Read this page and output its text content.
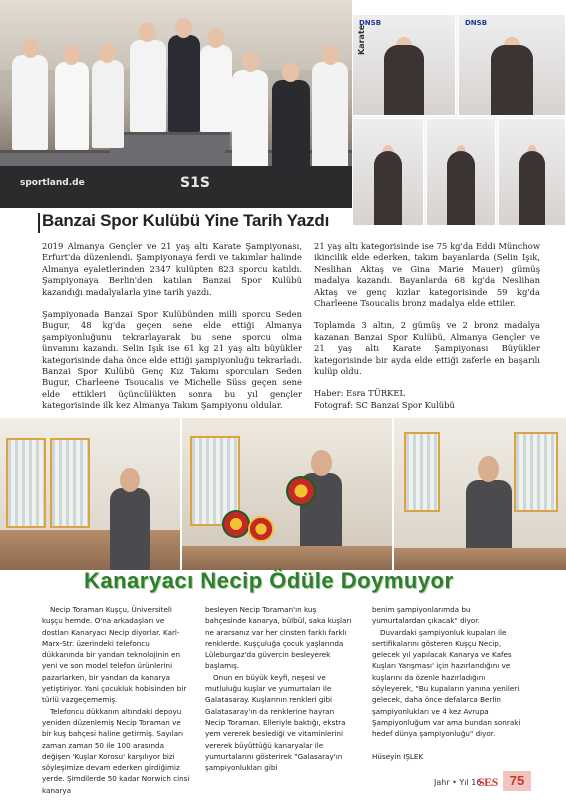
sportland.de	S1S
DNSB
Karate
DNSB
Banzai Spor Kulübü Yine Tarih Yazdı

2019 Almanya Gençler ve 21 yaş altı Karate Şampiyonası, Erfurt'da düzenlendi. Şampiyonaya ferdi ve takımlar halinde Almanya eyaletlerinden 2347 kulüpten 823 sporcu katıldı. Şampiyonaya Berlin'den katılan Banzai Spor Kulübü kazandığı madalyalarla yine tarih yazdı.

Şampiyonada Banzai Spor Kulübünden milli sporcu Seden Bugur, 48 kg'da geçen sene elde ettiği Almanya şampiyonluğunu tekrarlayarak bu sene sporcu olma ünvanını kazandı. Selin Işık ise 61 kg 21 yaş altı büyükler kategorisinde daha önce elde ettiği şampiyonluğu tekrarladı. Banzai Spor Kulübü Genç Kız Takımı sporcuları Seden Bugur, Charleene Tsoucalis ve Michelle Süss geçen sene elde ettikleri üçüncülükten sonra bu yıl gençler kategorisinde ilk kez Almanya Takım Şampiyonu oldular.

21 yaş altı kategorisinde ise 75 kg'da Eddi Münchow ikincilik elde ederken, takım bayanlarda (Selin Işık, Neslihan Aktaş ve Gina Marie Mauer) gümüş madalya kazandı. Bayanlarda 68 kg'da Neslihan Aktaş ve genç kızlar kategorisinde 59 kg'da Charleene Tsoucalis bronz madalya elde ettiler.

Toplamda 3 altın, 2 gümüş ve 2 bronz madalya kazanan Banzai Spor Kulübü, Almanya Gençler ve 21 yaş altı Karate Şampiyonası Büyükler kategorisinde bir ayda elde ettiği zaferle en başarılı kulüp oldu.

Haber: Esra TÜRKEL

Fotograf: SC Banzai Spor Kulübü

Kanaryacı Necip Ödüle Doymuyor

Necip Toraman Kuşçu, Üniversiteli kuşçu hemde. O'na arkadaşları ve dostları Kanaryacı Necip diyorlar. Karl-Marx-Str. üzerindeki telefoncu dükkanında bir yandan teknolojinin en yeni ve son model telefon ürünlerini pazarlarken, bir yandan da kanarya yetiştiriyor. Yani çocukluk hobisinden bir türlü vazgeçememiş.

Telefoncu dükkanın altındaki depoyu yeniden düzenlemiş Necip Toraman ve bir kuş bahçesi haline getirmiş. Sayıları zaman zaman 50 ile 100 arasında değişen 'Kuşlar Korosu' karşılıyor bizi söyleşimize devam ederken girdiğimiz yerde. Şimdilerde 50 kadar Norwich cinsi kanarya

besleyen Necip Toraman'ın kuş bahçesinde kanarya, bülbül, saka kuşları ne ararsanız var her cinsten farklı farklı renklerde. Kuşçuluğa çocuk yaşlarında Lüleburgaz'da güvercin besleyerek başlamış.

Onun en büyük keyfi, neşesi ve mutluluğu kuşlar ve yumurtaları ile Galatasaray. Kuşlarının renkleri gibi Galatasaray'ın da renklerine hayran Necip Toraman. Elleriyle baktığı, ekstra yem vererek beslediği ve vitaminlerini vererek büyüttüğü kanaryalar ile yumurtalarını gösterirek "Galasaray'ın şampiyonlukları gibi

benim şampiyonlarımda bu yumurtalardan çıkacak" diyor.

Duvardaki şampiyonluk kupaları ile sertifikalarını gösteren Kuşçu Necip, gelecek yıl yapılacak Kanarya ve Kafes Kuşları Yarışması' için hazırlandığını ve kuşlarını da özenle hazırladığını söyleyerek, "Bu kupaların yanına yenileri gelecek, daha önce defalarca Berlin şampiyonlukları ve 4 kez Avrupa Şampiyonluğum var ama bundan sonraki hedef dünya şampiyonluğu" diyor.

Hüseyin IŞLEK

Jahr • Yıl 16
SES 75
